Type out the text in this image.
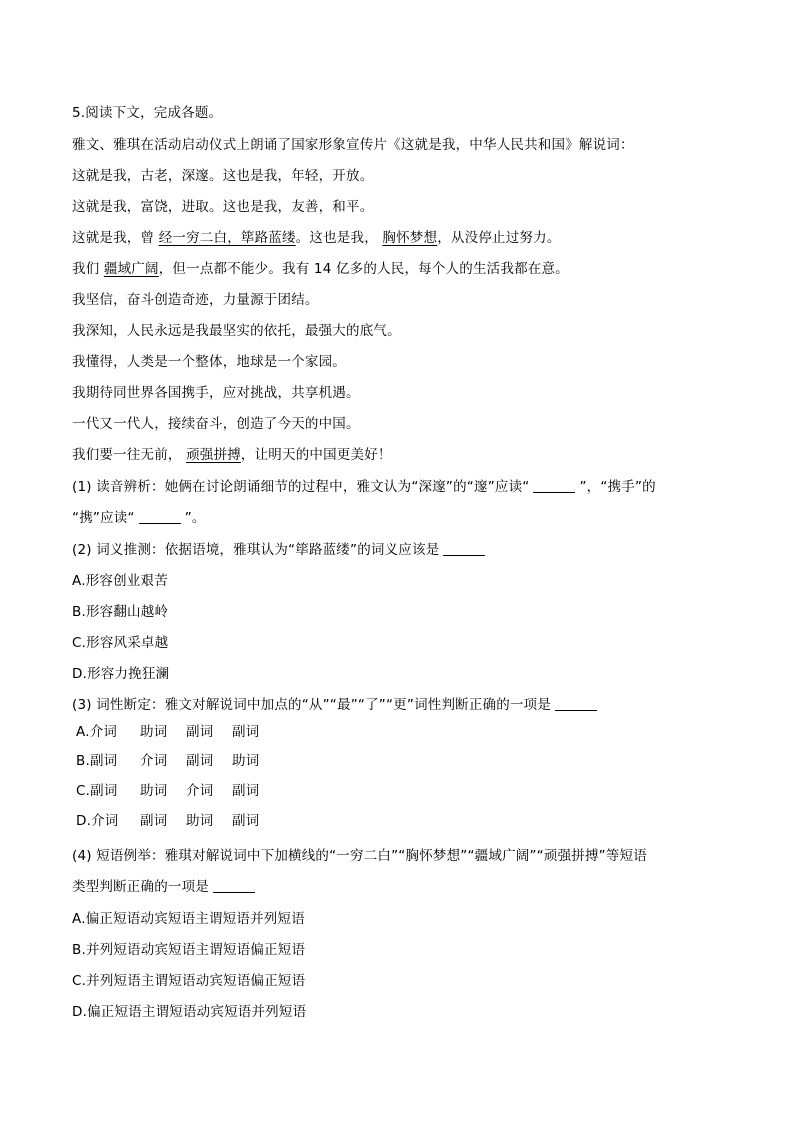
5.阅读下文，完成各题。
雅文、雅琪在活动启动仪式上朗诵了国家形象宣传片《这就是我，中华人民共和国》解说词：
这就是我，古老，深邃。这也是我，年轻，开放。
这就是我，富饶，进取。这也是我，友善，和平。
这就是我，曾 经一穷二白，筚路蓝缕。这也是我， 胸怀梦想，从没停止过努力。
我们 疆域广阔，但一点都不能少。我有 14 亿多的人民，每个人的生活我都在意。
我坚信，奋斗创造奇迹，力量源于团结。
我深知，人民永远是我最坚实的依托，最强大的底气。
我懂得，人类是一个整体，地球是一个家园。
我期待同世界各国携手，应对挑战，共享机遇。
一代又一代人，接续奋斗，创造了今天的中国。
我们要一往无前， 顽强拼搏，让明天的中国更美好！
(1) 读音辨析：她俩在讨论朗诵细节的过程中，雅文认为“深邃”的“邃”应读“	”，“携手”的
“携”应读“	”。
(2) 词义推测：依据语境，雅琪认为“筚路蓝缕”的词义应该是
A.形容创业艰苦
B.形容翻山越岭
C.形容风采卓越
D.形容力挽狂澜
(3) 词性断定：雅文对解说词中加点的“从”“最”“了”“更”词性判断正确的一项是
A.介词 助词 副词 副词
B.副词 介词 副词 助词
C.副词 助词 介词 副词
D.介词 副词 助词 副词
(4) 短语例举：雅琪对解说词中下加横线的“一穷二白”“胸怀梦想”“疆域广阔”“顽强拼搏”等短语
类型判断正确的一项是
A.偏正短语动宾短语主谓短语并列短语
B.并列短语动宾短语主谓短语偏正短语
C.并列短语主谓短语动宾短语偏正短语
D.偏正短语主谓短语动宾短语并列短语
